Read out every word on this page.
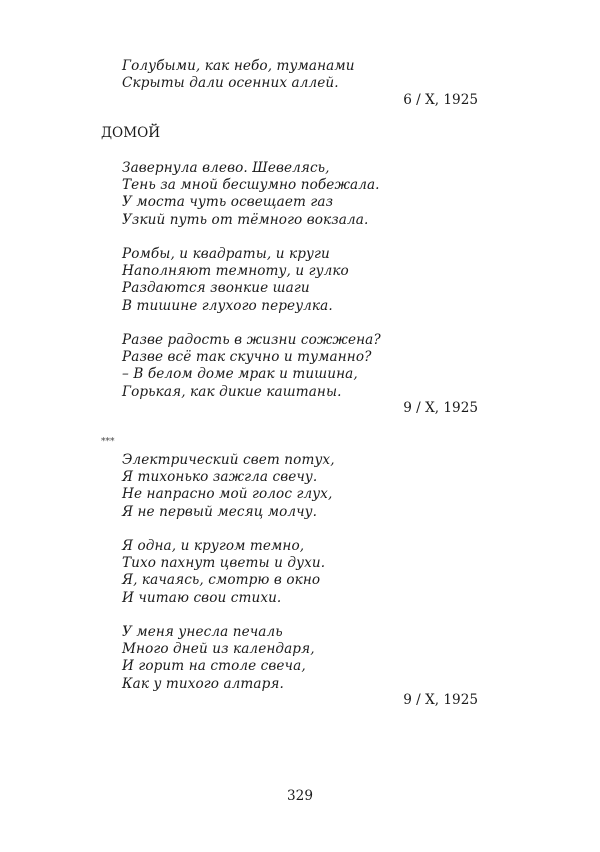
Голубыми, как небо, туманами
Скрыты дали осенних аллей.
6 / X, 1925
ДОМОЙ
Завернула влево. Шевелясь,
Тень за мной бесшумно побежала.
У моста чуть освещает газ
Узкий путь от тёмного вокзала.
Ромбы, и квадраты, и круги
Наполняют темноту, и гулко
Раздаются звонкие шаги
В тишине глухого переулка.
Разве радость в жизни сожжена?
Разве всё так скучно и туманно?
– В белом доме мрак и тишина,
Горькая, как дикие каштаны.
9 / X, 1925
***
Электрический свет потух,
Я тихонько зажгла свечу.
Не напрасно мой голос глух,
Я не первый месяц молчу.
Я одна, и кругом темно,
Тихо пахнут цветы и духи.
Я, качаясь, смотрю в окно
И читаю свои стихи.
У меня унесла печаль
Много дней из календаря,
И горит на столе свеча,
Как у тихого алтаря.
9 / X, 1925
329
